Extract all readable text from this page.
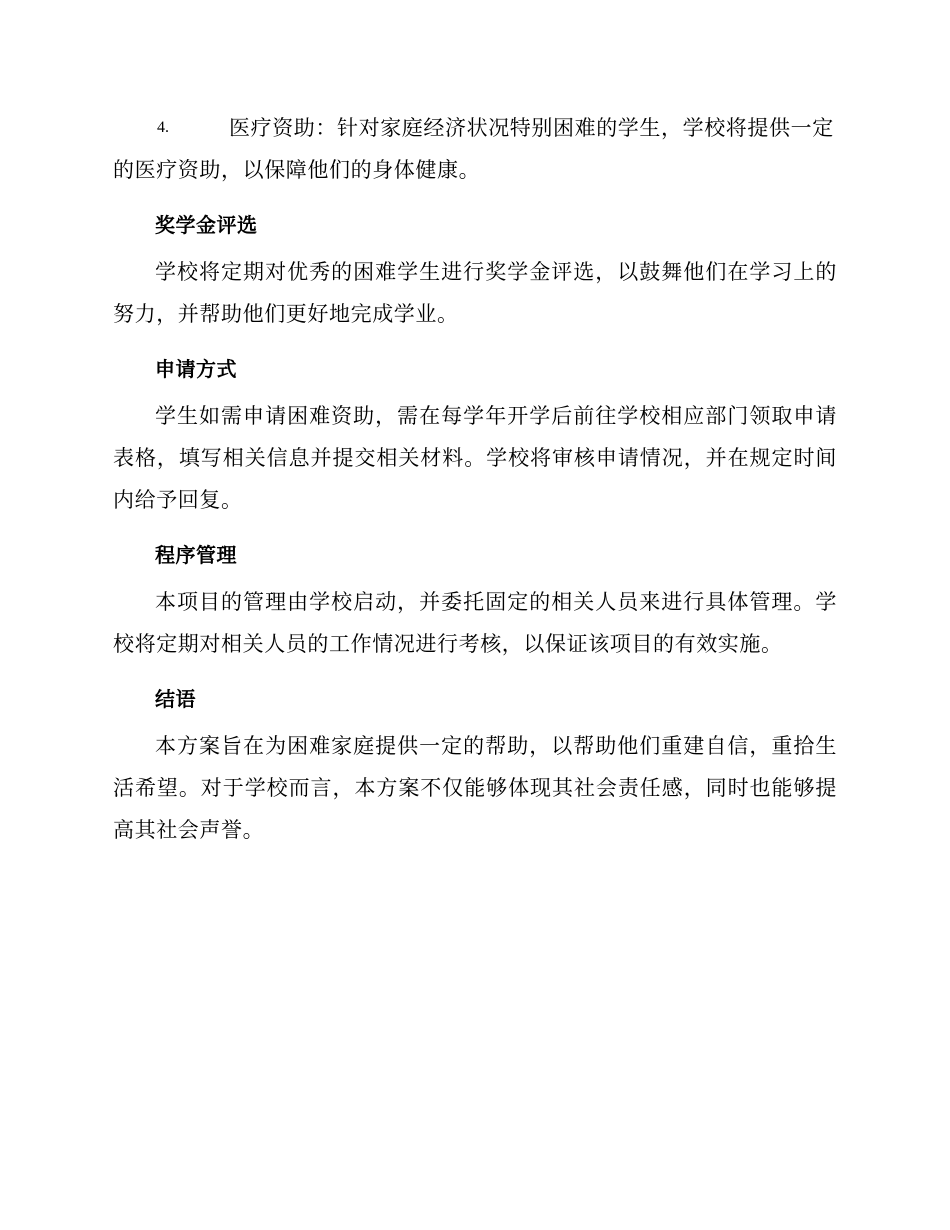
4.	医疗资助：针对家庭经济状况特别困难的学生，学校将提供一定

的医疗资助，以保障他们的身体健康。

奖学金评选

学校将定期对优秀的困难学生进行奖学金评选，以鼓舞他们在学习上的努力，并帮助他们更好地完成学业。

申请方式

学生如需申请困难资助，需在每学年开学后前往学校相应部门领取申请表格，填写相关信息并提交相关材料。学校将审核申请情况，并在规定时间内给予回复。

程序管理

本项目的管理由学校启动，并委托固定的相关人员来进行具体管理。学校将定期对相关人员的工作情况进行考核，以保证该项目的有效实施。

结语

本方案旨在为困难家庭提供一定的帮助，以帮助他们重建自信，重拾生活希望。对于学校而言，本方案不仅能够体现其社会责任感，同时也能够提高其社会声誉。
